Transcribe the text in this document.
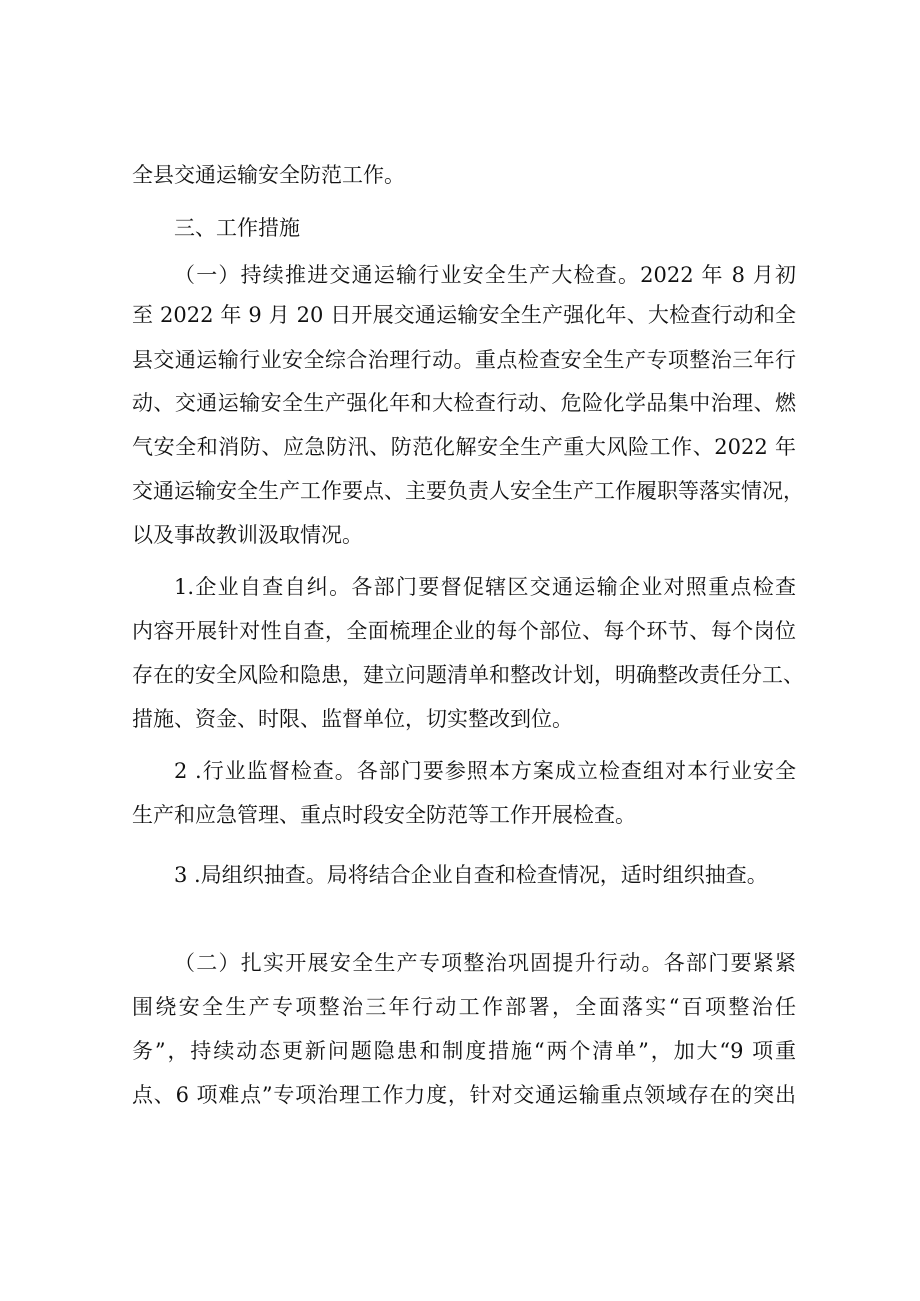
全县交通运输安全防范工作。
三、工作措施
（一）持续推进交通运输行业安全生产大检查。2022 年 8 月初
至 2022 年 9 月 20 日开展交通运输安全生产强化年、大检查行动和全
县交通运输行业安全综合治理行动。重点检查安全生产专项整治三年行
动、交通运输安全生产强化年和大检查行动、危险化学品集中治理、燃
气安全和消防、应急防汛、防范化解安全生产重大风险工作、2022 年
交通运输安全生产工作要点、主要负责人安全生产工作履职等落实情况，
以及事故教训汲取情况。
1.企业自查自纠。各部门要督促辖区交通运输企业对照重点检查
内容开展针对性自查，全面梳理企业的每个部位、每个环节、每个岗位
存在的安全风险和隐患，建立问题清单和整改计划，明确整改责任分工、
措施、资金、时限、监督单位，切实整改到位。
2 .行业监督检查。各部门要参照本方案成立检查组对本行业安全
生产和应急管理、重点时段安全防范等工作开展检查。
3 .局组织抽查。局将结合企业自查和检查情况，适时组织抽查。
（二）扎实开展安全生产专项整治巩固提升行动。各部门要紧紧
围绕安全生产专项整治三年行动工作部署，全面落实“百项整治任
务”，持续动态更新问题隐患和制度措施“两个清单”，加大“9 项重
点、6 项难点”专项治理工作力度，针对交通运输重点领域存在的突出
